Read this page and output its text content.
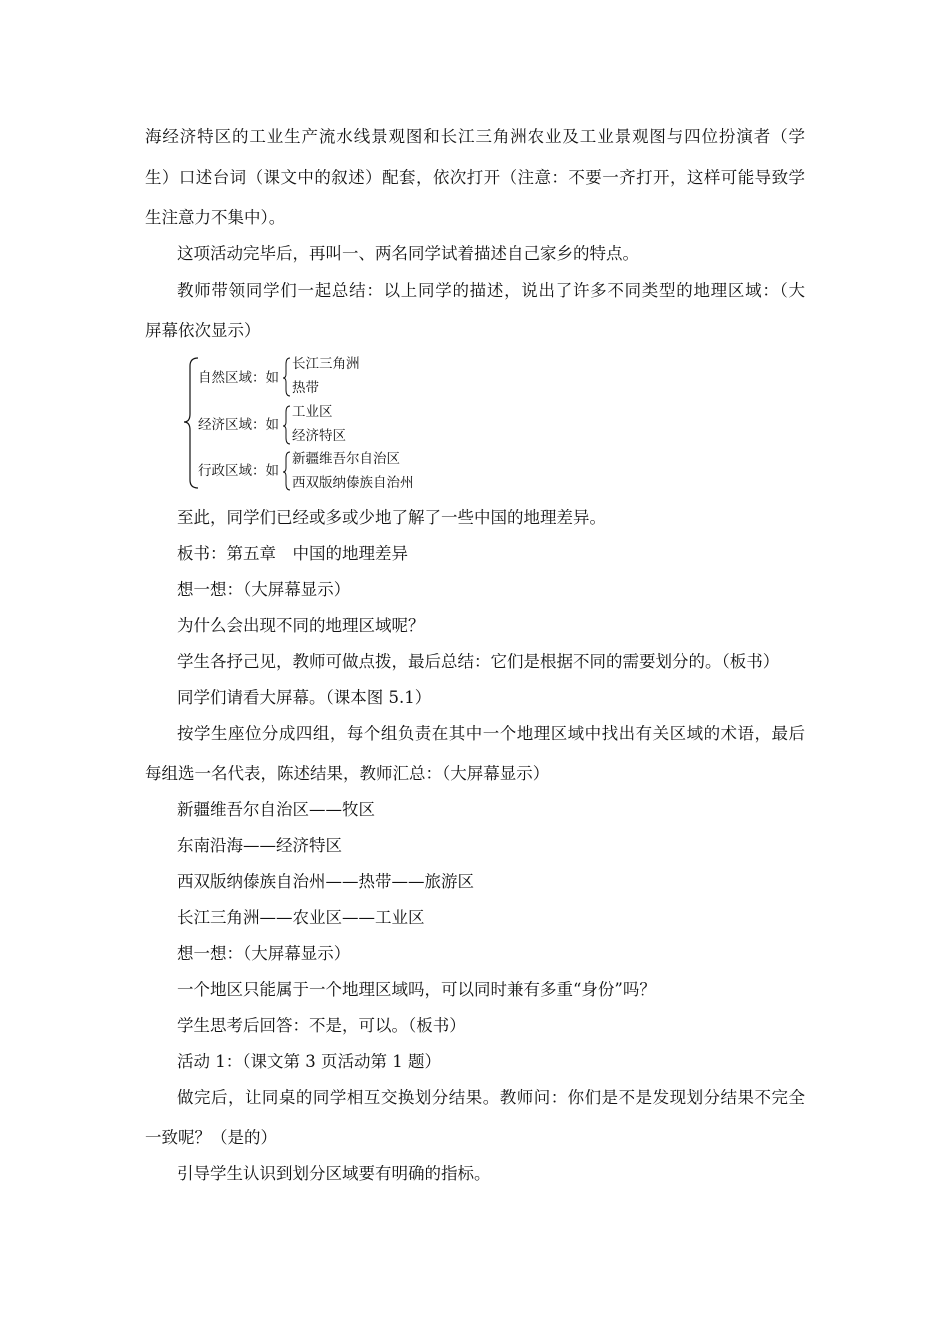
海经济特区的工业生产流水线景观图和长江三角洲农业及工业景观图与四位扮演者（学
生）口述台词（课文中的叙述）配套，依次打开（注意：不要一齐打开，这样可能导致学
生注意力不集中）。
这项活动完毕后，再叫一、两名同学试着描述自己家乡的特点。
教师带领同学们一起总结：以上同学的描述，说出了许多不同类型的地理区域：（大
屏幕依次显示）
自然区域：如
长江三角洲
热带
经济区域：如
工业区
经济特区
行政区域：如
新疆维吾尔自治区
西双版纳傣族自治州
至此，同学们已经或多或少地了解了一些中国的地理差异。
板书：第五章　中国的地理差异
想一想：（大屏幕显示）
为什么会出现不同的地理区域呢？
学生各抒己见，教师可做点拨，最后总结：它们是根据不同的需要划分的。（板书）
同学们请看大屏幕。（课本图 5.1）
按学生座位分成四组，每个组负责在其中一个地理区域中找出有关区域的术语，最后
每组选一名代表，陈述结果，教师汇总：（大屏幕显示）
新疆维吾尔自治区——牧区
东南沿海——经济特区
西双版纳傣族自治州——热带——旅游区
长江三角洲——农业区——工业区
想一想：（大屏幕显示）
一个地区只能属于一个地理区域吗，可以同时兼有多重“身份”吗？
学生思考后回答：不是，可以。（板书）
活动 1：（课文第 3 页活动第 1 题）
做完后，让同桌的同学相互交换划分结果。教师问：你们是不是发现划分结果不完全
一致呢？（是的）
引导学生认识到划分区域要有明确的指标。
